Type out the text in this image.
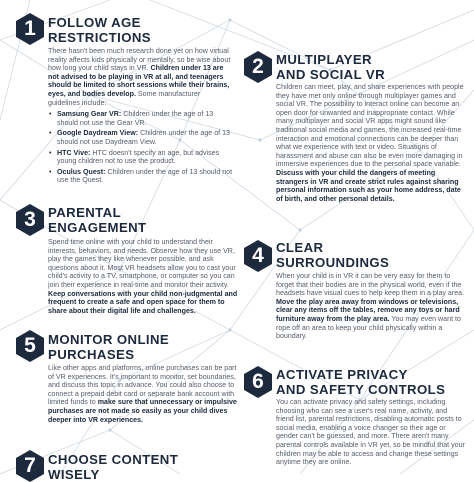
1 FOLLOW AGE
RESTRICTIONS

There hasn't been much research done yet on how virtual reality affects kids physically or mentally, so be wise about how long your child stays in VR. Children under 13 are not advised to be playing in VR at all, and teenagers should be limited to short sessions while their brains, eyes, and bodies develop. Some manufacturer guidelines include:

• Samsung Gear VR: Children under the age of 13 should not use the Gear VR.
• Google Daydream View: Children under the age of 13 should not use Daydream View.
• HTC Vive: HTC doesn't specify an age, but advises young children not to use the product.
• Oculus Quest: Children under the age of 13 should not use the Quest.
2 MULTIPLAYER
AND SOCIAL VR

Children can meet, play, and share experiences with people they have met only online through multiplayer games and social VR. The possibility to interact online can become an open door for unwanted and inappropriate contact. While many multiplayer and social VR apps might sound like traditional social media and games, the increased real-time interaction and emotional connections can be deeper than what we experience with text or video. Situations of harassment and abuse can also be even more damaging in immersive experiences due to the personal space variable. Discuss with your child the dangers of meeting strangers in VR and create strict rules against sharing personal information such as your home address, date of birth, and other personal details.

3 PARENTAL
ENGAGEMENT

Spend time online with your child to understand their interests, behaviors, and needs. Observe how they use VR, play the games they like whenever possible, and ask questions about it. Most VR headsets allow you to cast your child's activity to a TV, smartphone, or computer so you can join their experience in real-time and monitor their activity. Keep conversations with your child non-judgmental and frequent to create a safe and open space for them to share about their digital life and challenges.

4 CLEAR
SURROUNDINGS

When your child is in VR it can be very easy for them to forget that their bodies are in the physical world, even if the headsets have visual cues to help keep them in a play area. Move the play area away from windows or televisions, clear any items off the tables, remove any toys or hard furniture away from the play area. You may even want to rope off an area to keep your child physically within a boundary.

5 MONITOR ONLINE
PURCHASES

Like other apps and platforms, online purchases can be part of VR experiences. It's important to monitor, set boundaries, and discuss this topic in advance. You could also choose to connect a prepaid debit card or separate bank account with limited funds to make sure that unnecessary or impulsive purchases are not made so easily as your child dives deeper into VR experiences.

6 ACTIVATE PRIVACY
AND SAFETY CONTROLS

You can activate privacy and safety settings, including choosing who can see a user's real name, activity, and friend list, parental restrictions, disabling automatic posts to social media, enabling a voice changer so their age or gender can't be guessed, and more. There aren't many parental controls available in VR yet, so be mindful that your children may be able to access and change these settings anytime they are online.

7 CHOOSE CONTENT
WISELY
